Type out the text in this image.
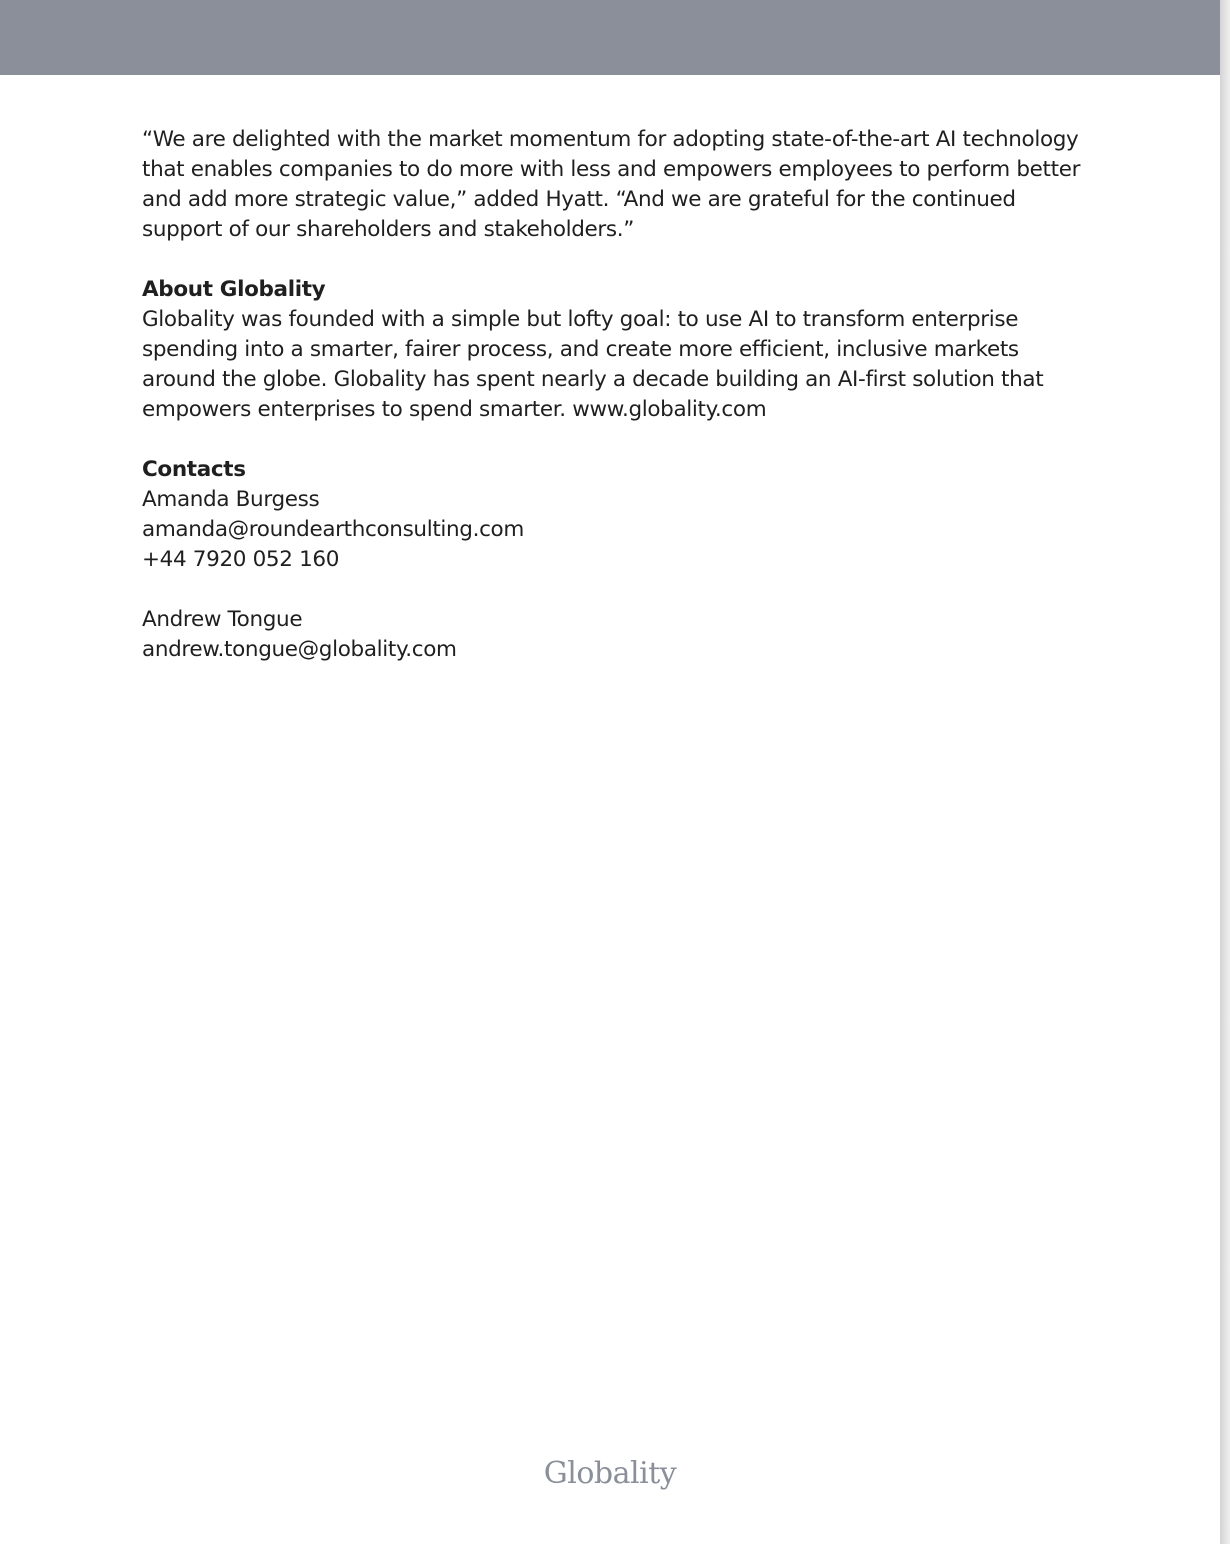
“We are delighted with the market momentum for adopting state-of-the-art AI technology that enables companies to do more with less and empowers employees to perform better and add more strategic value,” added Hyatt. “And we are grateful for the continued support of our shareholders and stakeholders.”

About Globality

Globality was founded with a simple but lofty goal: to use AI to transform enterprise spending into a smarter, fairer process, and create more efficient, inclusive markets around the globe. Globality has spent nearly a decade building an AI-first solution that empowers enterprises to spend smarter. www.globality.com

Contacts

Amanda Burgess

amanda@roundearthconsulting.com

+44 7920 052 160

Andrew Tongue

andrew.tongue@globality.com

Globality
